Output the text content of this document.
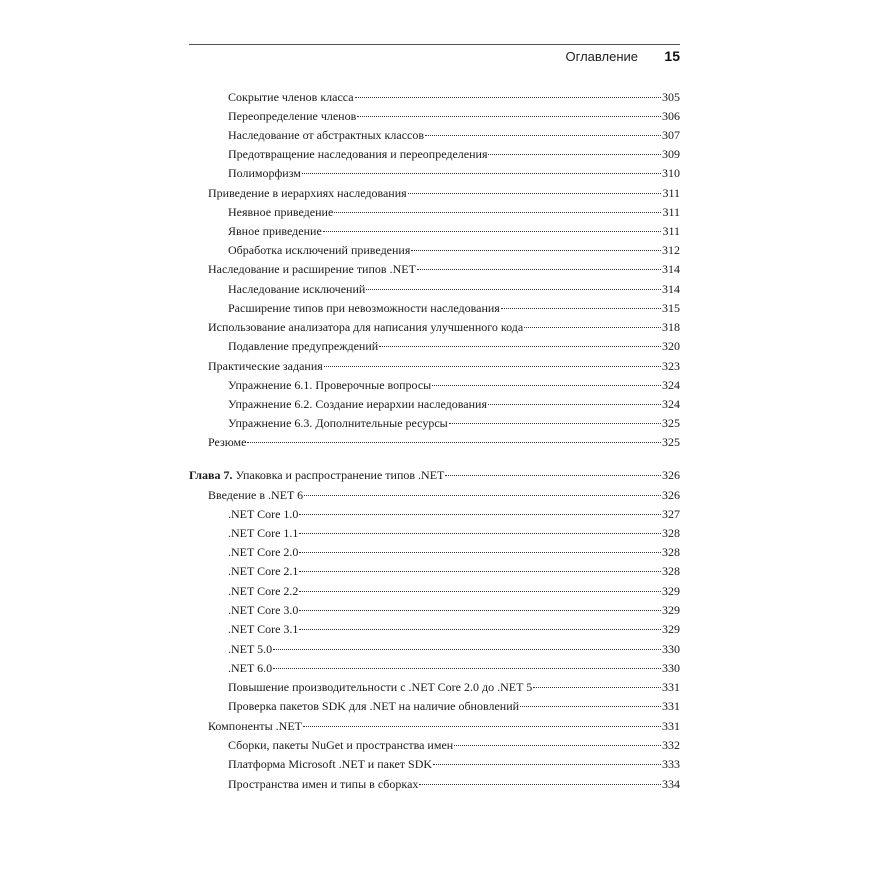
Оглавление 15
Сокрытие членов класса	305
Переопределение членов	306
Наследование от абстрактных классов	307
Предотвращение наследования и переопределения	309
Полиморфизм	310
Приведение в иерархиях наследования	311
Неявное приведение	311
Явное приведение	311
Обработка исключений приведения	312
Наследование и расширение типов .NET	314
Наследование исключений	314
Расширение типов при невозможности наследования	315
Использование анализатора для написания улучшенного кода	318
Подавление предупреждений	320
Практические задания	323
Упражнение 6.1. Проверочные вопросы	324
Упражнение 6.2. Создание иерархии наследования	324
Упражнение 6.3. Дополнительные ресурсы	325
Резюме	325
Глава 7. Упаковка и распространение типов .NET	326
Введение в .NET 6	326
.NET Core 1.0	327
.NET Core 1.1	328
.NET Core 2.0	328
.NET Core 2.1	328
.NET Core 2.2	329
.NET Core 3.0	329
.NET Core 3.1	329
.NET 5.0	330
.NET 6.0	330
Повышение производительности с .NET Core 2.0 до .NET 5	331
Проверка пакетов SDK для .NET на наличие обновлений	331
Компоненты .NET	331
Сборки, пакеты NuGet и пространства имен	332
Платформа Microsoft .NET и пакет SDK	333
Пространства имен и типы в сборках	334
